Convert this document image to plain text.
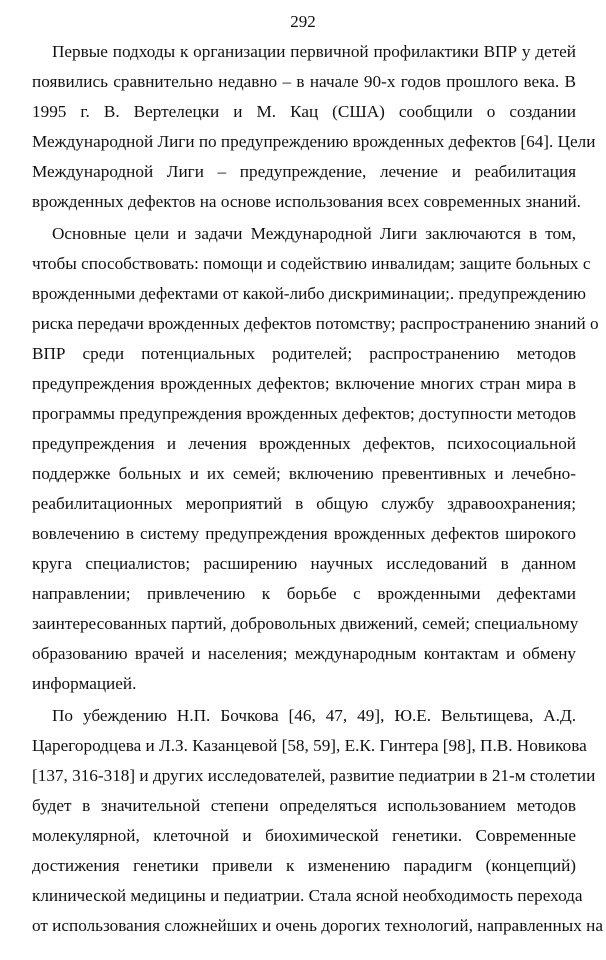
292
Первые подходы к организации первичной профилактики ВПР у детей
появились сравнительно недавно – в начале 90-х годов прошлого века. В
1995 г. В. Вертелецки и М. Кац (США) сообщили о создании
Международной Лиги по предупреждению врожденных дефектов [64]. Цели
Международной Лиги – предупреждение, лечение и реабилитация
врожденных дефектов на основе использования всех современных знаний.
Основные цели и задачи Международной Лиги заключаются в том,
чтобы способствовать: помощи и содействию инвалидам; защите больных с
врожденными дефектами от какой-либо дискриминации;. предупреждению
риска передачи врожденных дефектов потомству; распространению знаний о
ВПР среди потенциальных родителей; распространению методов
предупреждения врожденных дефектов; включение многих стран мира в
программы предупреждения врожденных дефектов; доступности методов
предупреждения и лечения врожденных дефектов, психосоциальной
поддержке больных и их семей; включению превентивных и лечебно-
реабилитационных мероприятий в общую службу здравоохранения;
вовлечению в систему предупреждения врожденных дефектов широкого
круга специалистов; расширению научных исследований в данном
направлении; привлечению к борьбе с врожденными дефектами
заинтересованных партий, добровольных движений, семей; специальному
образованию врачей и населения; международным контактам и обмену
информацией.
По убеждению Н.П. Бочкова [46, 47, 49], Ю.Е. Вельтищева, А.Д.
Царегородцева и Л.З. Казанцевой [58, 59], Е.К. Гинтера [98], П.В. Новикова
[137, 316-318] и других исследователей, развитие педиатрии в 21-м столетии
будет в значительной степени определяться использованием методов
молекулярной, клеточной и биохимической генетики. Современные
достижения генетики привели к изменению парадигм (концепций)
клинической медицины и педиатрии. Стала ясной необходимость перехода
от использования сложнейших и очень дорогих технологий, направленных на
